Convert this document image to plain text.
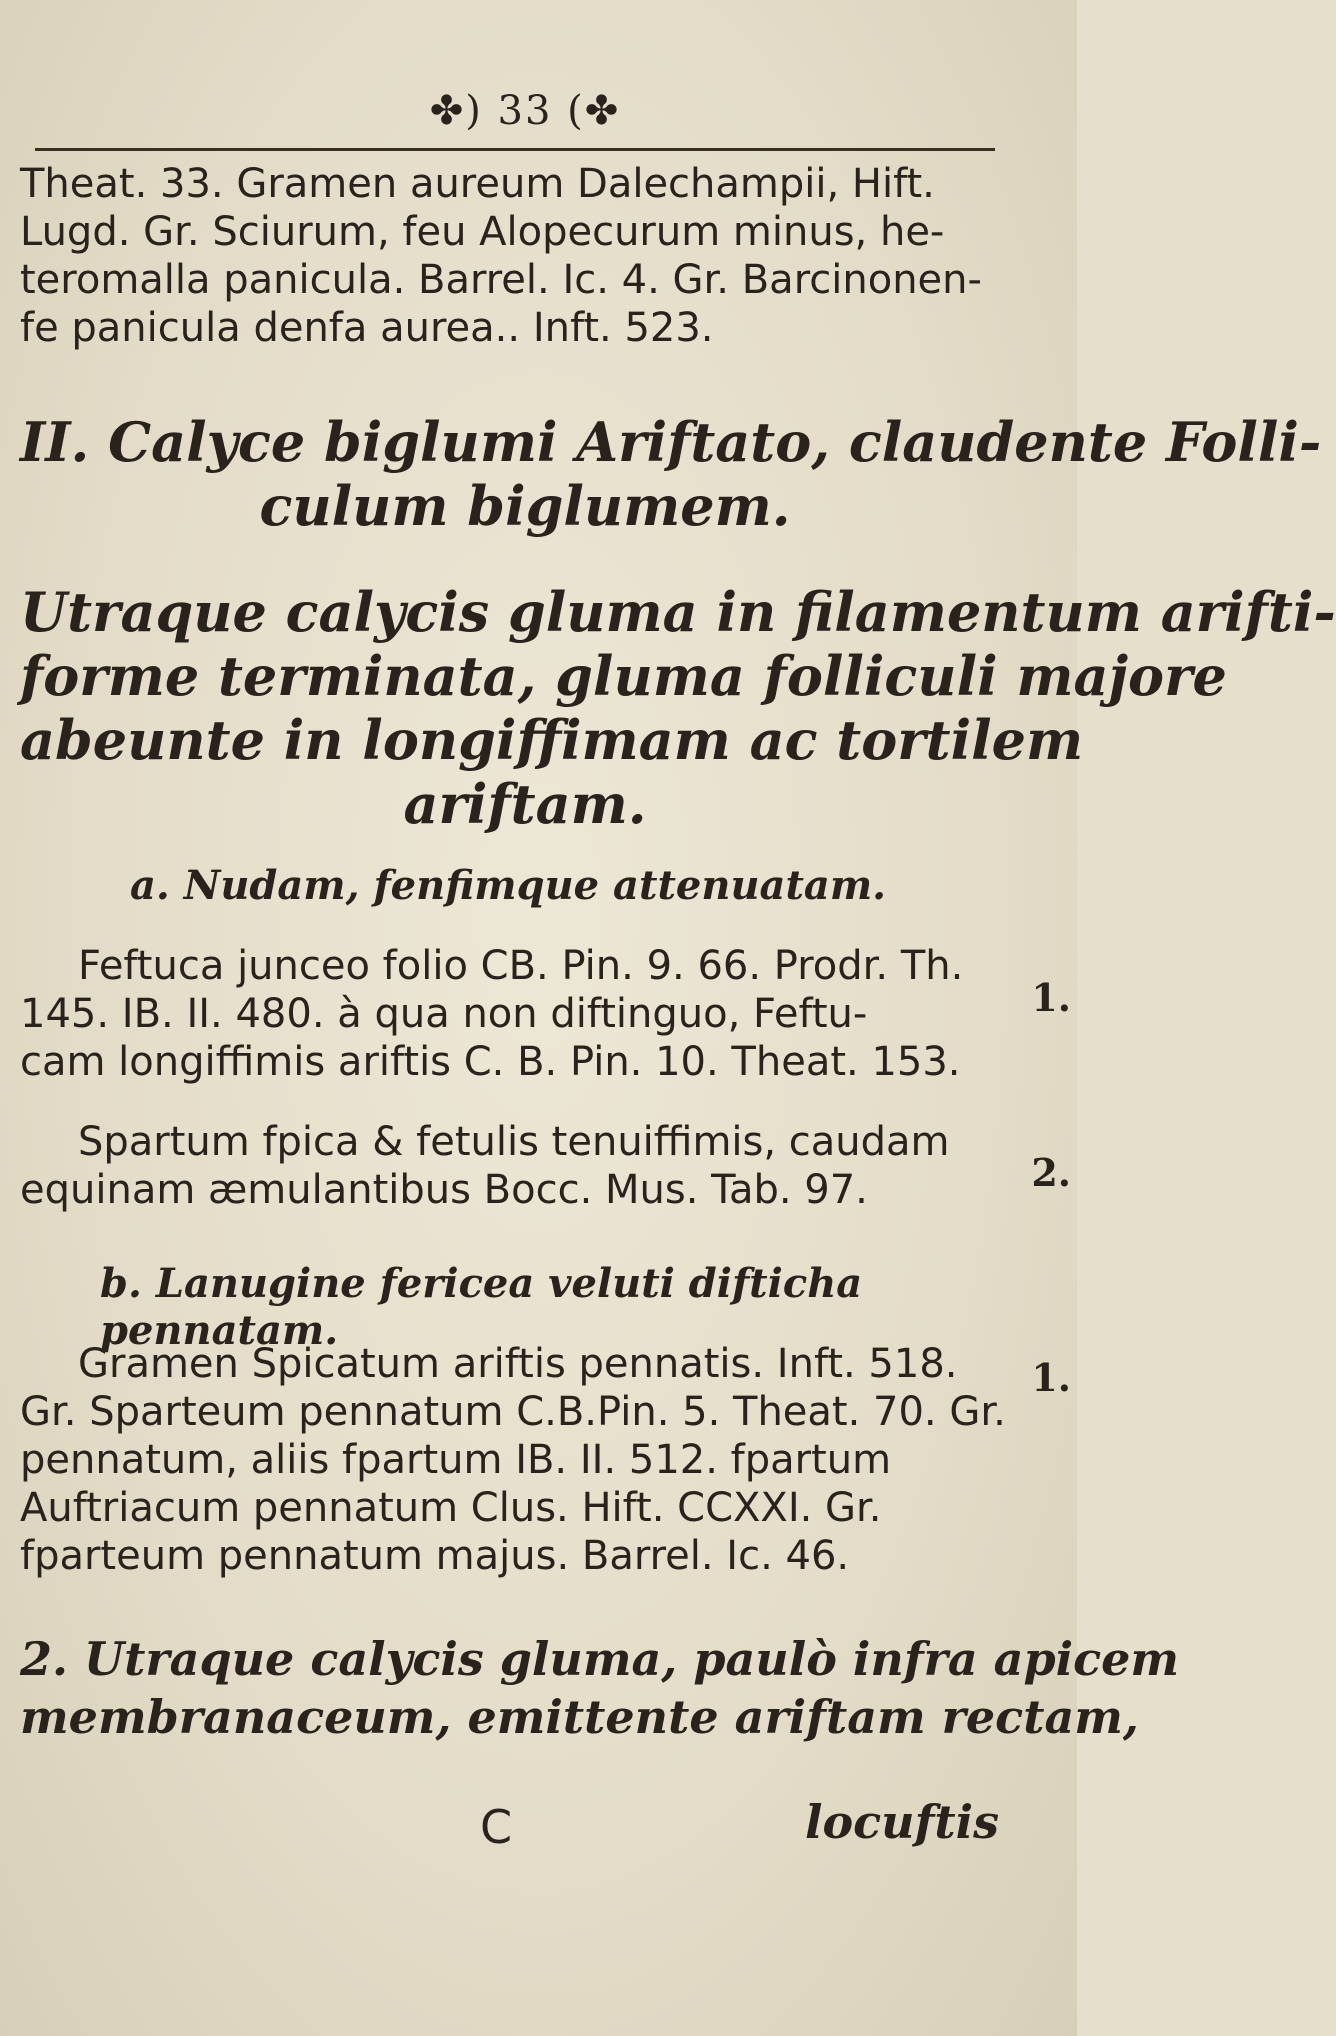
✤) 33 (✤

Theat. 33. Gramen aureum Dalechampii, Hift.
Lugd. Gr. Sciurum, feu Alopecurum minus, he-
teromalla panicula. Barrel. Ic. 4. Gr. Barcinonen-
fe panicula denfa aurea.. Inft. 523.

II. Calyce biglumi Ariftato, claudente Folli-
culum biglumem.

Utraque calycis gluma in filamentum arifti-
forme terminata, gluma folliculi majore
abeunte in longiffimam ac tortilem
ariftam.

a. Nudam, fenfimque attenuatam.

Feftuca junceo folio CB. Pin. 9. 66. Prodr. Th.
145. IB. II. 480. à qua non diftinguo, Feftu-
cam longiffimis ariftis C. B. Pin. 10. Theat. 153.

1.

Spartum fpica & fetulis tenuiffimis, caudam
equinam æmulantibus Bocc. Mus. Tab. 97.	2.
b. Lanugine fericea veluti difticha pennatam.

Gramen Spicatum ariftis pennatis. Inft. 518.
Gr. Sparteum pennatum C.B.Pin. 5. Theat. 70. Gr.
pennatum, aliis fpartum IB. II. 512. fpartum
Auftriacum pennatum Clus. Hift. CCXXI. Gr.
fparteum pennatum majus. Barrel. Ic. 46.

1.

2. Utraque calycis gluma, paulò infra apicem
membranaceum, emittente ariftam rectam,

C	locuftis
